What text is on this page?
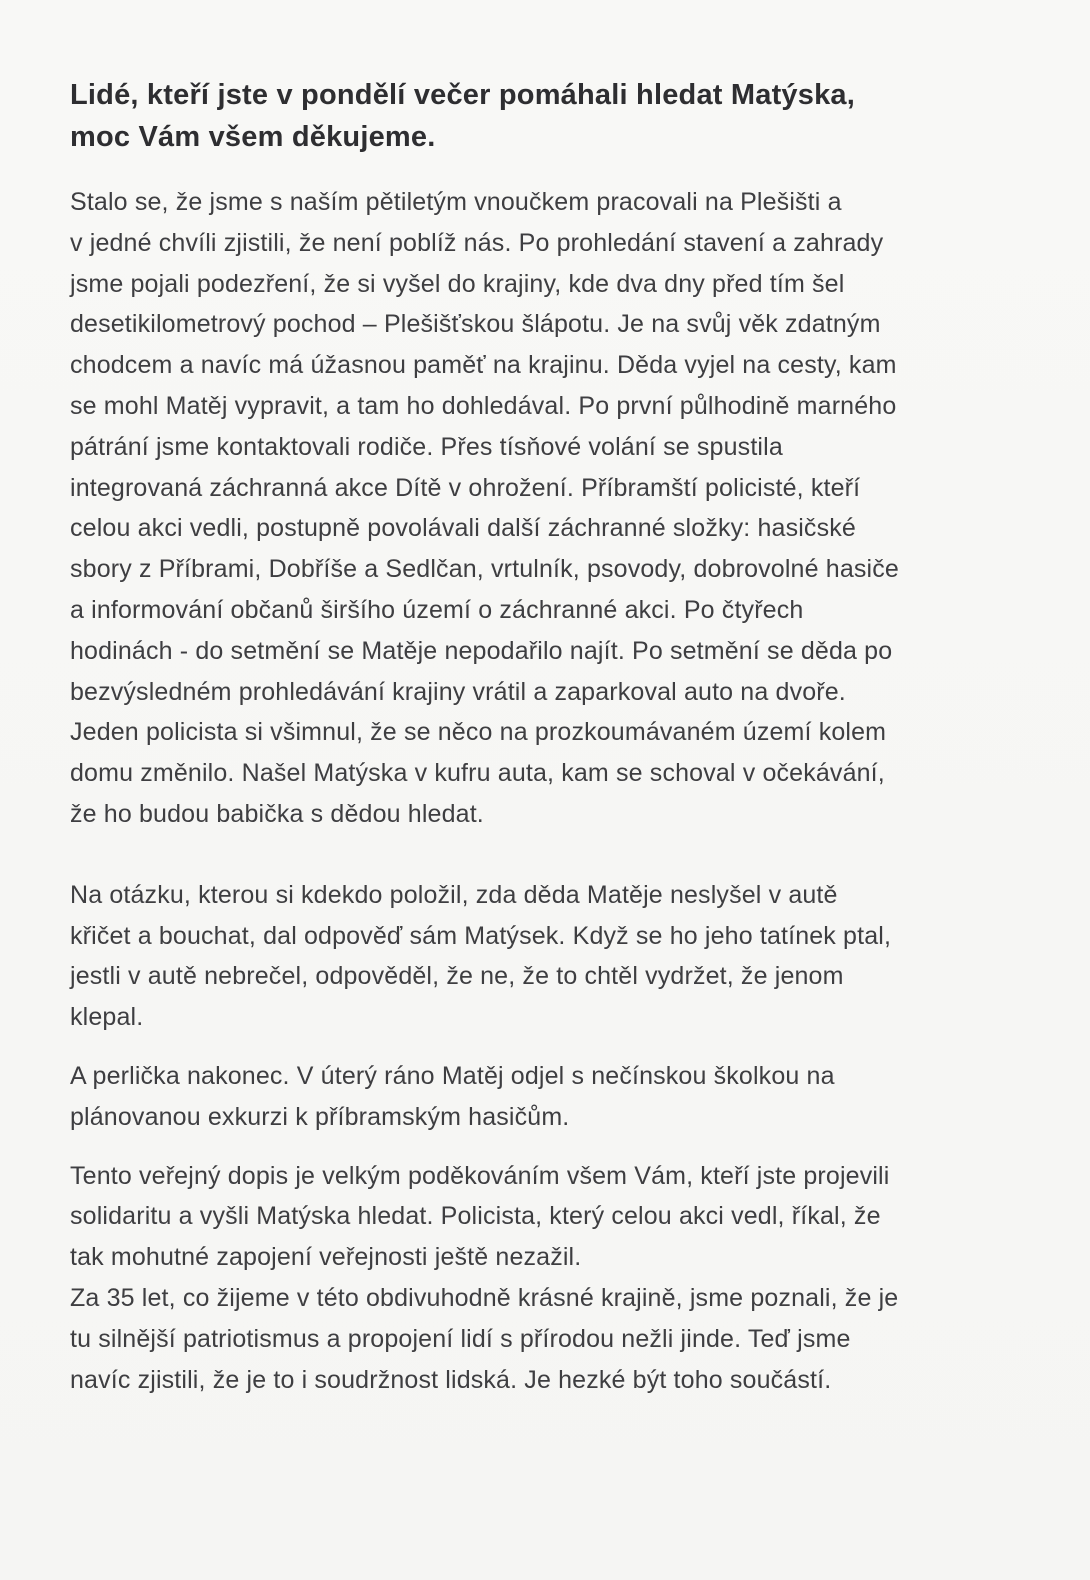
Lidé, kteří jste v pondělí večer pomáhali hledat Matýska,
moc Vám všem děkujeme.

Stalo se, že jsme s naším pětiletým vnoučkem pracovali na Plešišti a
v jedné chvíli zjistili, že není poblíž nás. Po prohledání stavení a zahrady
jsme pojali podezření, že si vyšel do krajiny, kde dva dny před tím šel
desetikilometrový pochod – Plešišťskou šlápotu. Je na svůj věk zdatným
chodcem a navíc má úžasnou paměť na krajinu. Děda vyjel na cesty, kam
se mohl Matěj vypravit, a tam ho dohledával. Po první půlhodině marného
pátrání jsme kontaktovali rodiče. Přes tísňové volání se spustila
integrovaná záchranná akce Dítě v ohrožení. Příbramští policisté, kteří
celou akci vedli, postupně povolávali další záchranné složky: hasičské
sbory z Příbrami, Dobříše a Sedlčan, vrtulník, psovody, dobrovolné hasiče
a informování občanů širšího území o záchranné akci. Po čtyřech
hodinách - do setmění se Matěje nepodařilo najít. Po setmění se děda po
bezvýsledném prohledávání krajiny vrátil a zaparkoval auto na dvoře.
Jeden policista si všimnul, že se něco na prozkoumávaném území kolem
domu změnilo. Našel Matýska v kufru auta, kam se schoval v očekávání,
že ho budou babička s dědou hledat.

Na otázku, kterou si kdekdo položil, zda děda Matěje neslyšel v autě
křičet a bouchat, dal odpověď sám Matýsek. Když se ho jeho tatínek ptal,
jestli v autě nebrečel, odpověděl, že ne, že to chtěl vydržet, že jenom
klepal.

A perlička nakonec. V úterý ráno Matěj odjel s nečínskou školkou na
plánovanou exkurzi k příbramským hasičům.

Tento veřejný dopis je velkým poděkováním všem Vám, kteří jste projevili
solidaritu a vyšli Matýska hledat. Policista, který celou akci vedl, říkal, že
tak mohutné zapojení veřejnosti ještě nezažil.

Za 35 let, co žijeme v této obdivuhodně krásné krajině, jsme poznali, že je
tu silnější patriotismus a propojení lidí s přírodou nežli jinde. Teď jsme
navíc zjistili, že je to i soudržnost lidská. Je hezké být toho součástí.
